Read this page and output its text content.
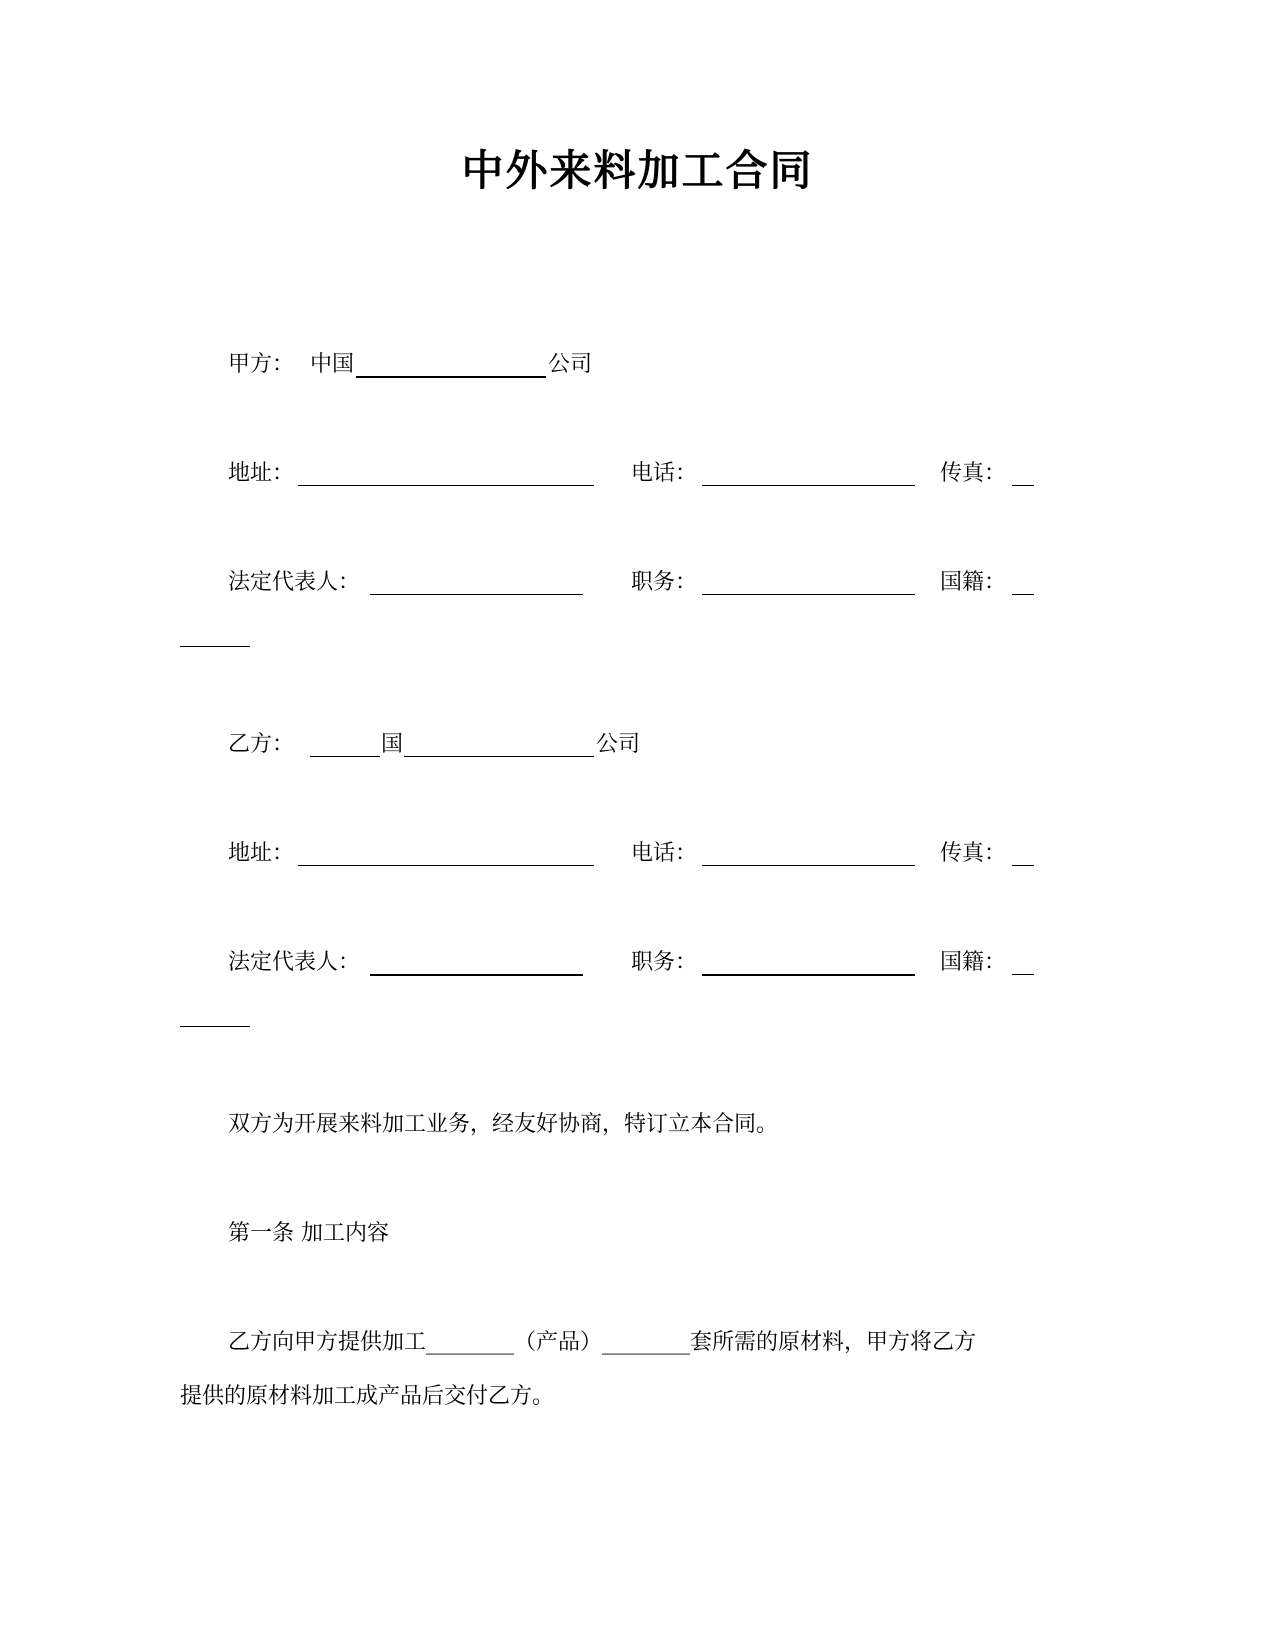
中外来料加工合同
甲方： 中国	公司
地址：	电话：	传真：
法定代表人：	职务：	国籍：
乙方：	国	公司
地址：	电话：	传真：
法定代表人：	职务：	国籍：
双方为开展来料加工业务，经友好协商，特订立本合同。
第一条 加工内容
乙方向甲方提供加工________（产品）________套所需的原材料，甲方将乙方
提供的原材料加工成产品后交付乙方。
